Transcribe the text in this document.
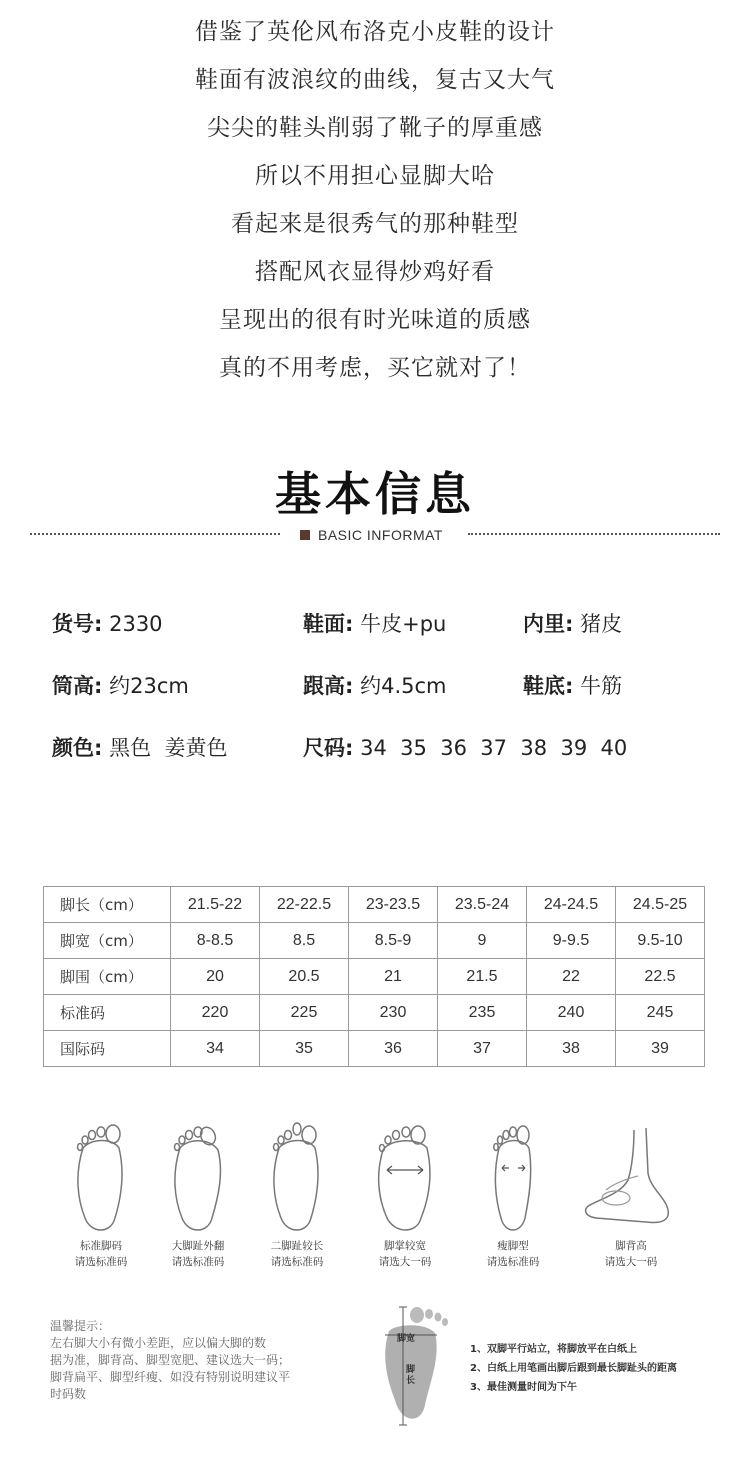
借鉴了英伦风布洛克小皮鞋的设计
鞋面有波浪纹的曲线，复古又大气
尖尖的鞋头削弱了靴子的厚重感
所以不用担心显脚大哈
看起来是很秀气的那种鞋型
搭配风衣显得炒鸡好看
呈现出的很有时光味道的质感
真的不用考虑，买它就对了！
基本信息
BASIC INFORMAT
货号: 2330	鞋面: 牛皮+pu	内里: 猪皮
筒高: 约23cm	跟高: 约4.5cm	鞋底: 牛筋
颜色: 黑色  姜黄色	尺码: 34  35  36  37  38  39  40
脚长（cm）	21.5-22	22-22.5	23-23.5	23.5-24	24-24.5	24.5-25
脚宽（cm）	8-8.5	8.5	8.5-9	9	9-9.5	9.5-10
脚围（cm）	20	20.5	21	21.5	22	22.5
标准码	220	225	230	235	240	245
国际码	34	35	36	37	38	39
标准脚码
请选标准码
大脚趾外翻
请选标准码
二脚趾较长
请选标准码
脚掌较宽
请选大一码
瘦脚型
请选标准码
脚背高
请选大一码
温馨提示：
左右脚大小有微小差距，应以偏大脚的数
据为准，脚背高、脚型宽肥、建议选大一码；
脚背扁平、脚型纤瘦、如没有特别说明建议平
时码数
脚宽
脚长
1、双脚平行站立，将脚放平在白纸上
2、白纸上用笔画出脚后跟到最长脚趾头的距离
3、最佳测量时间为下午
